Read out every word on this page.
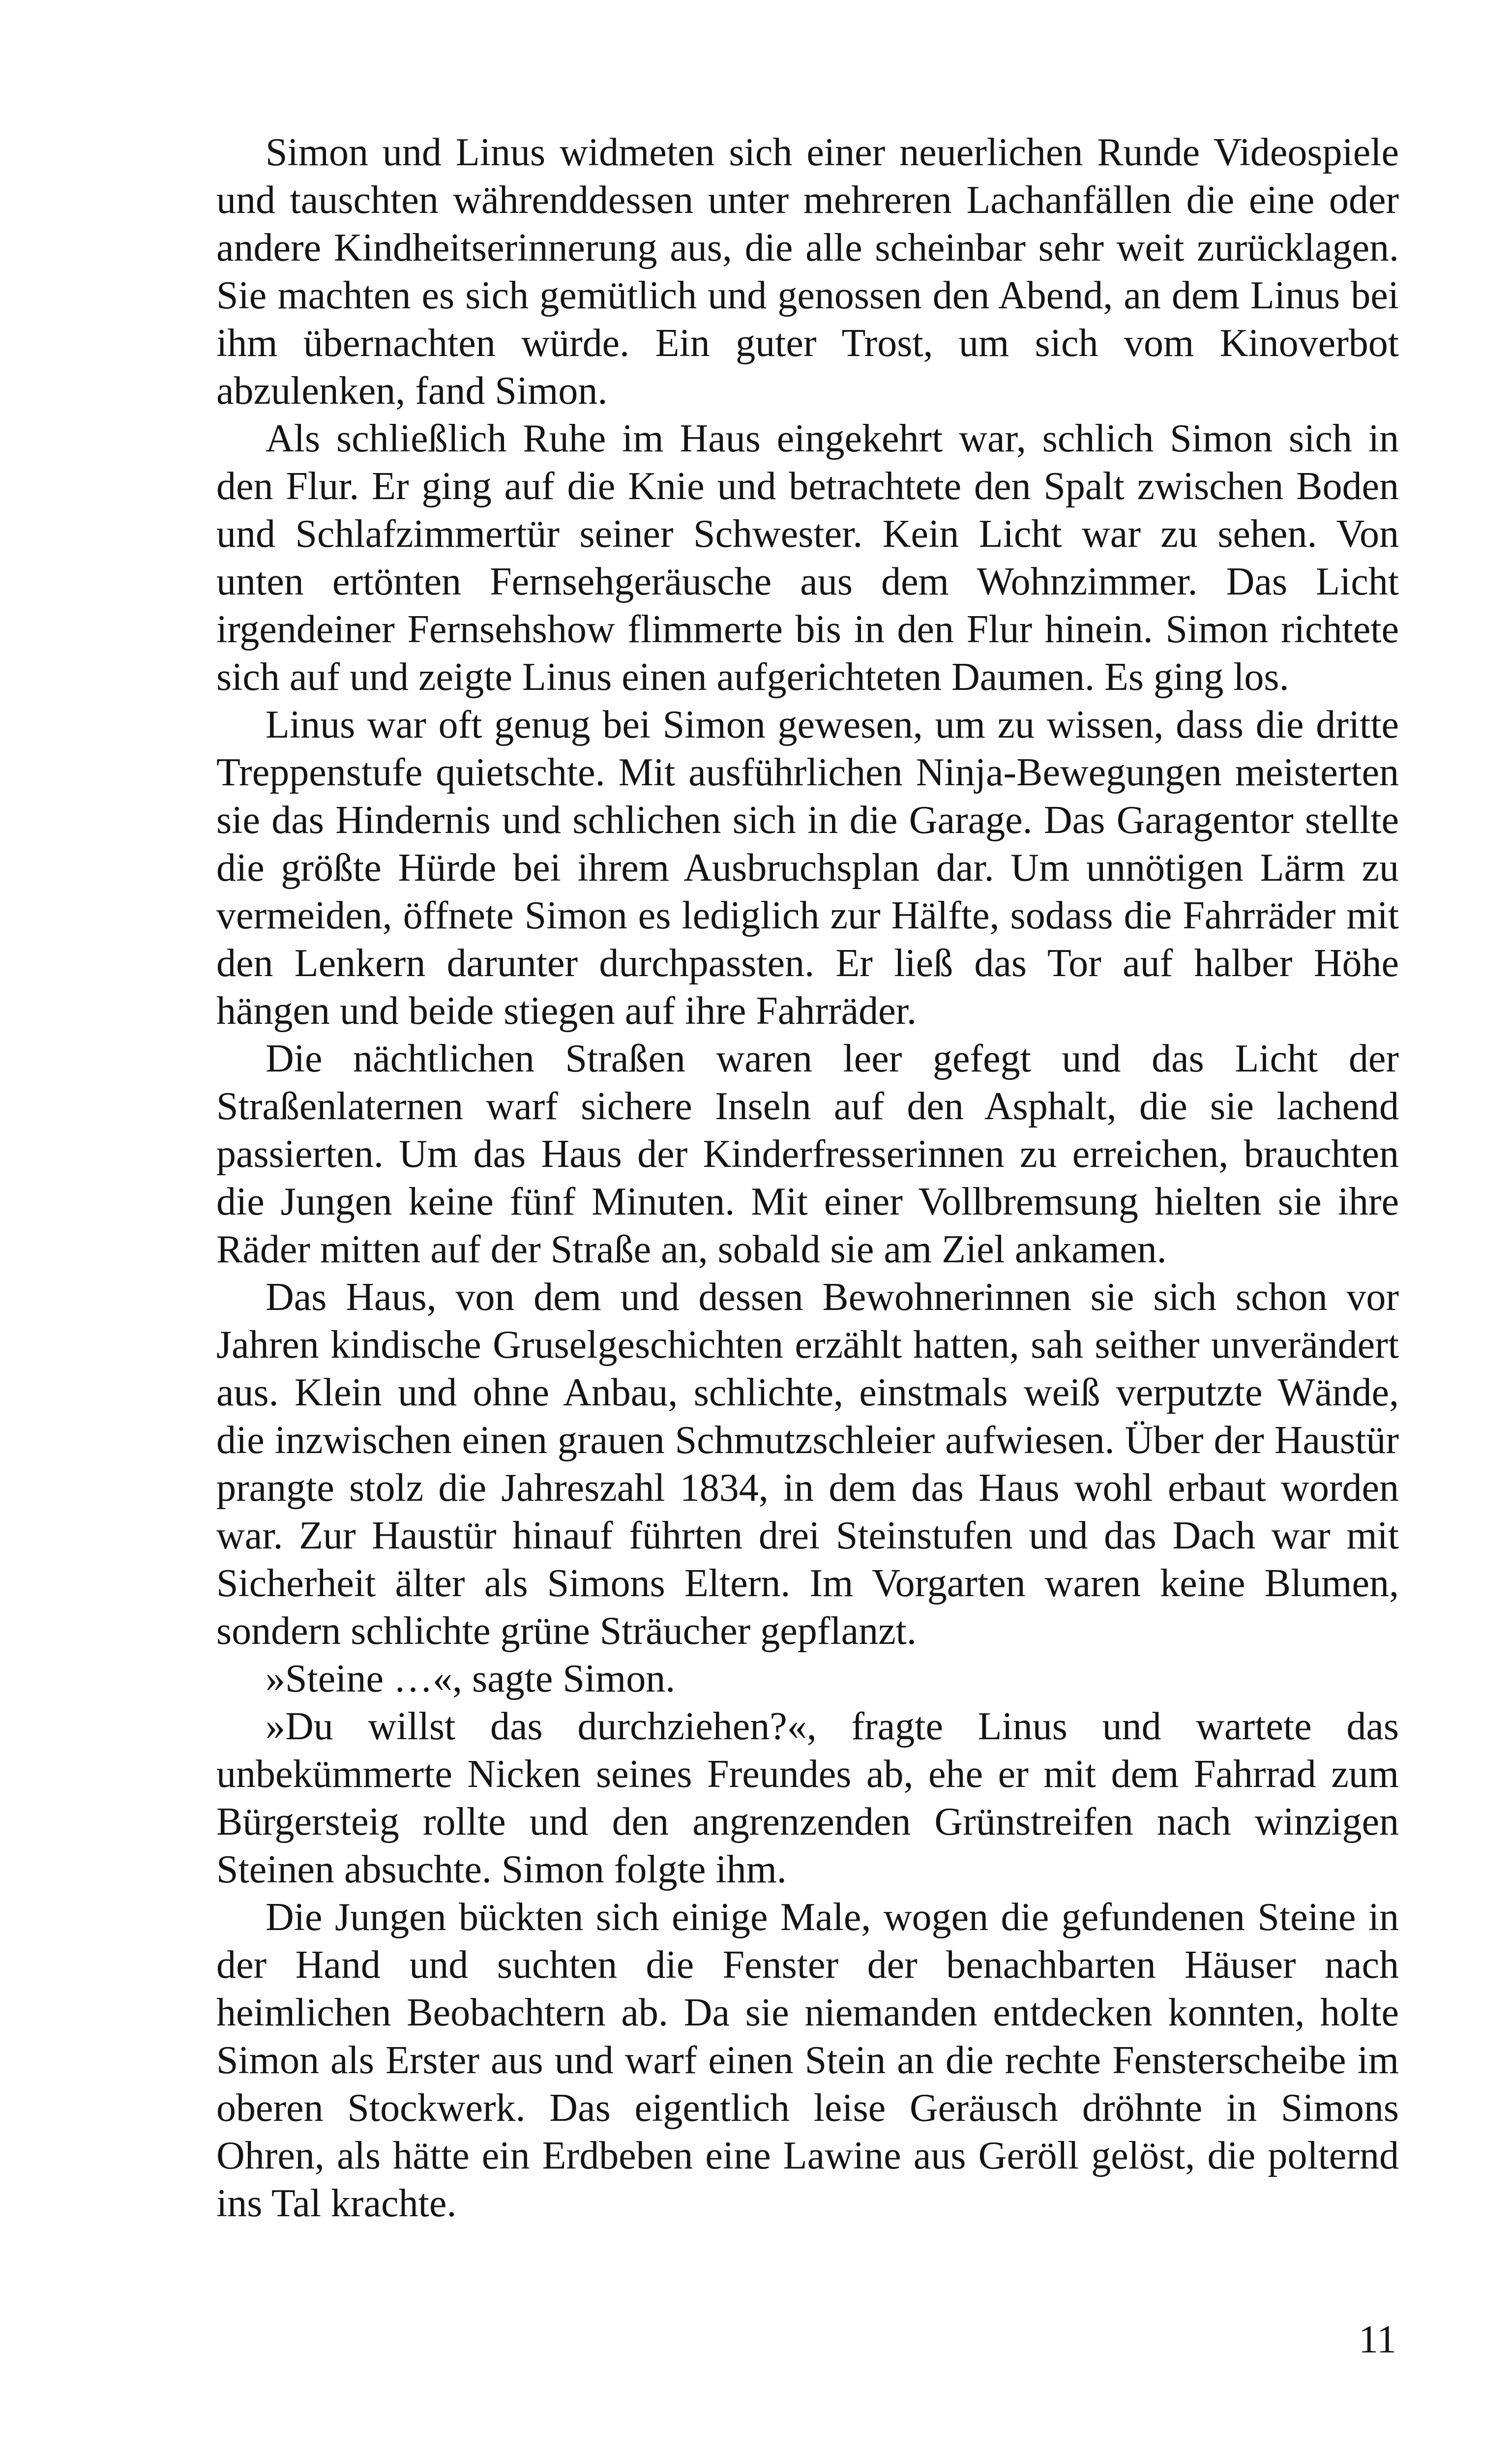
Simon und Linus widmeten sich einer neuerlichen Runde Videospiele und tauschten währenddessen unter mehreren Lachanfällen die eine oder andere Kindheitserinnerung aus, die alle scheinbar sehr weit zurücklagen. Sie machten es sich gemütlich und genossen den Abend, an dem Linus bei ihm übernachten würde. Ein guter Trost, um sich vom Kinoverbot abzulenken, fand Simon.

Als schließlich Ruhe im Haus eingekehrt war, schlich Simon sich in den Flur. Er ging auf die Knie und betrachtete den Spalt zwischen Boden und Schlafzimmertür seiner Schwester. Kein Licht war zu sehen. Von unten ertönten Fernsehgeräusche aus dem Wohnzimmer. Das Licht irgendeiner Fernsehshow flimmerte bis in den Flur hinein. Simon richtete sich auf und zeigte Linus einen aufgerichteten Daumen. Es ging los.

Linus war oft genug bei Simon gewesen, um zu wissen, dass die dritte Treppenstufe quietschte. Mit ausführlichen Ninja-Bewegungen meisterten sie das Hindernis und schlichen sich in die Garage. Das Garagentor stellte die größte Hürde bei ihrem Ausbruchsplan dar. Um unnötigen Lärm zu vermeiden, öffnete Simon es lediglich zur Hälfte, sodass die Fahrräder mit den Lenkern darunter durchpassten. Er ließ das Tor auf halber Höhe hängen und beide stiegen auf ihre Fahrräder.

Die nächtlichen Straßen waren leer gefegt und das Licht der Straßenlaternen warf sichere Inseln auf den Asphalt, die sie lachend passierten. Um das Haus der Kinderfresserinnen zu erreichen, brauchten die Jungen keine fünf Minuten. Mit einer Vollbremsung hielten sie ihre Räder mitten auf der Straße an, sobald sie am Ziel ankamen.

Das Haus, von dem und dessen Bewohnerinnen sie sich schon vor Jahren kindische Gruselgeschichten erzählt hatten, sah seither unverändert aus. Klein und ohne Anbau, schlichte, einstmals weiß verputzte Wände, die inzwischen einen grauen Schmutzschleier aufwiesen. Über der Haustür prangte stolz die Jahreszahl 1834, in dem das Haus wohl erbaut worden war. Zur Haustür hinauf führten drei Steinstufen und das Dach war mit Sicherheit älter als Simons Eltern. Im Vorgarten waren keine Blumen, sondern schlichte grüne Sträucher gepflanzt.

»Steine …«, sagte Simon.

»Du willst das durchziehen?«, fragte Linus und wartete das unbekümmerte Nicken seines Freundes ab, ehe er mit dem Fahrrad zum Bürgersteig rollte und den angrenzenden Grünstreifen nach winzigen Steinen absuchte. Simon folgte ihm.

Die Jungen bückten sich einige Male, wogen die gefundenen Steine in der Hand und suchten die Fenster der benachbarten Häuser nach heimlichen Beobachtern ab. Da sie niemanden entdecken konnten, holte Simon als Erster aus und warf einen Stein an die rechte Fensterscheibe im oberen Stockwerk. Das eigentlich leise Geräusch dröhnte in Simons Ohren, als hätte ein Erdbeben eine Lawine aus Geröll gelöst, die polternd ins Tal krachte.

11
